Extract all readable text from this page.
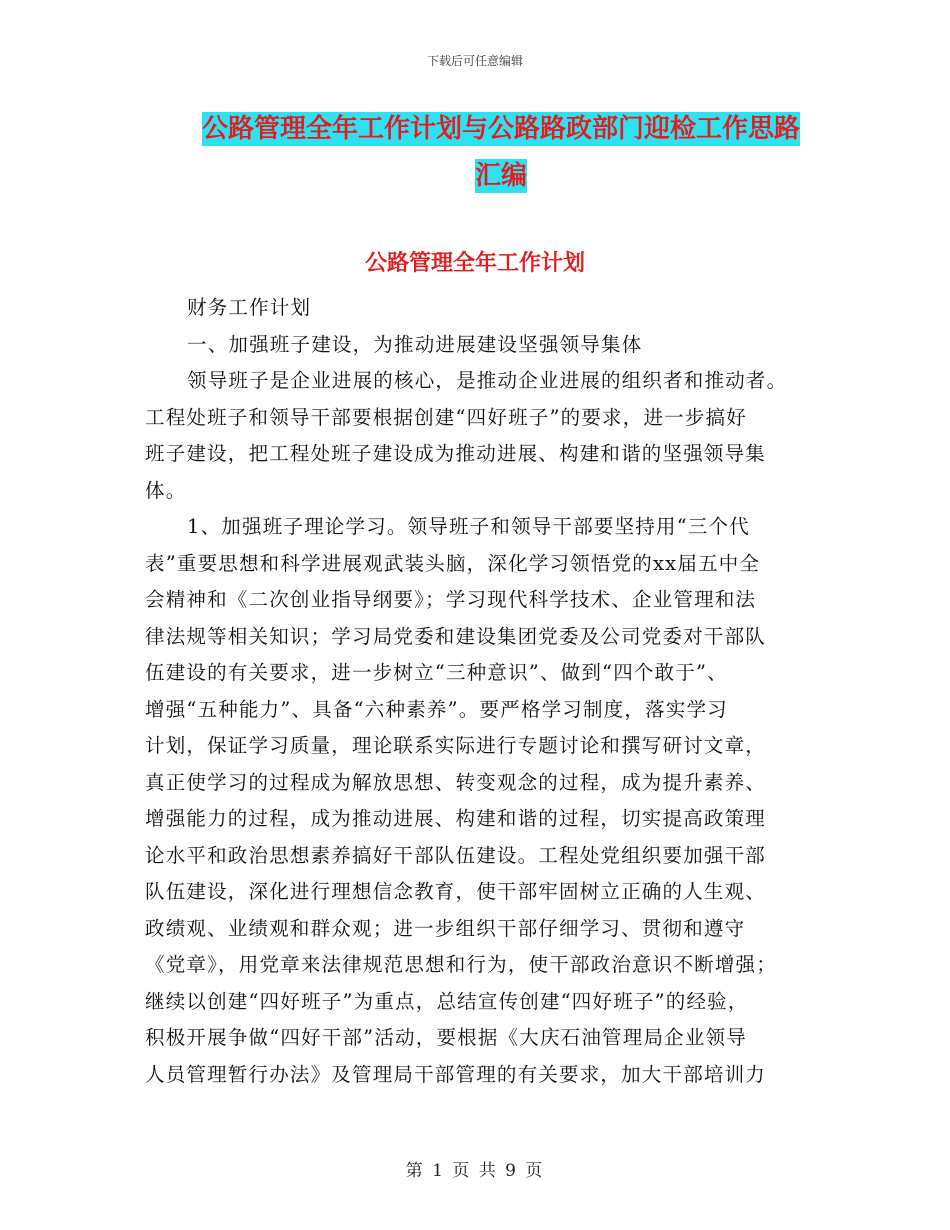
下载后可任意编辑
公路管理全年工作计划与公路路政部门迎检工作思路
汇编
公路管理全年工作计划
财务工作计划
一、加强班子建设，为推动进展建设坚强领导集体
领导班子是企业进展的核心，是推动企业进展的组织者和推动者。
工程处班子和领导干部要根据创建“四好班子”的要求，进一步搞好
班子建设，把工程处班子建设成为推动进展、构建和谐的坚强领导集
体。
1、加强班子理论学习。领导班子和领导干部要坚持用“三个代
表”重要思想和科学进展观武装头脑，深化学习领悟党的xx届五中全
会精神和《二次创业指导纲要》；学习现代科学技术、企业管理和法
律法规等相关知识；学习局党委和建设集团党委及公司党委对干部队
伍建设的有关要求，进一步树立“三种意识”、做到“四个敢于”、
增强“五种能力”、具备“六种素养”。要严格学习制度，落实学习
计划，保证学习质量，理论联系实际进行专题讨论和撰写研讨文章，
真正使学习的过程成为解放思想、转变观念的过程，成为提升素养、
增强能力的过程，成为推动进展、构建和谐的过程，切实提高政策理
论水平和政治思想素养搞好干部队伍建设。工程处党组织要加强干部
队伍建设，深化进行理想信念教育，使干部牢固树立正确的人生观、
政绩观、业绩观和群众观；进一步组织干部仔细学习、贯彻和遵守
《党章》，用党章来法律规范思想和行为，使干部政治意识不断增强；
继续以创建“四好班子”为重点，总结宣传创建“四好班子”的经验，
积极开展争做“四好干部”活动，要根据《大庆石油管理局企业领导
人员管理暂行办法》及管理局干部管理的有关要求，加大干部培训力
第 1 页 共 9 页
